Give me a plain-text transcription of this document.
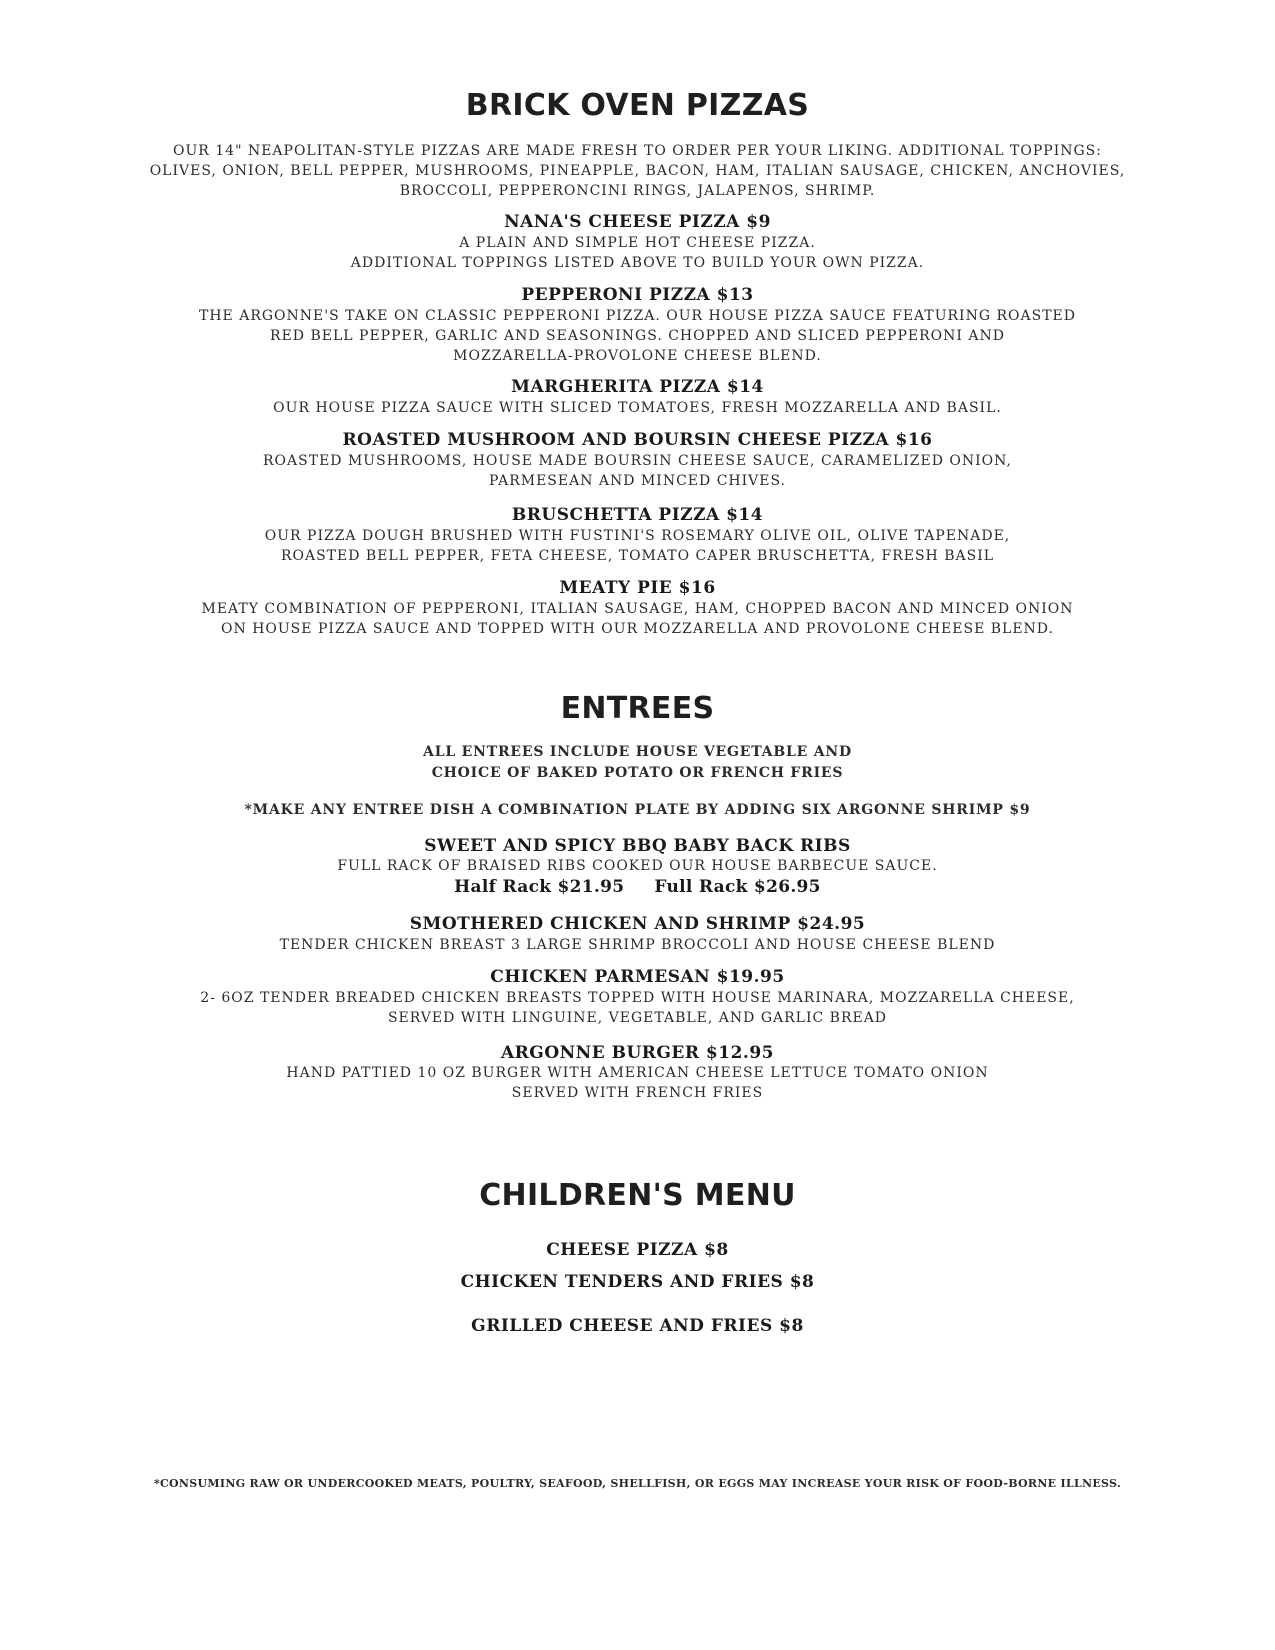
BRICK OVEN PIZZAS
OUR 14" NEAPOLITAN-STYLE PIZZAS ARE MADE FRESH TO ORDER PER YOUR LIKING. ADDITIONAL TOPPINGS:
OLIVES, ONION, BELL PEPPER, MUSHROOMS, PINEAPPLE, BACON, HAM, ITALIAN SAUSAGE, CHICKEN, ANCHOVIES,
BROCCOLI, PEPPERONCINI RINGS, JALAPENOS, SHRIMP.
NANA'S CHEESE PIZZA $9
A PLAIN AND SIMPLE HOT CHEESE PIZZA.
ADDITIONAL TOPPINGS LISTED ABOVE TO BUILD YOUR OWN PIZZA.
PEPPERONI PIZZA $13
THE ARGONNE'S TAKE ON CLASSIC PEPPERONI PIZZA. OUR HOUSE PIZZA SAUCE FEATURING ROASTED
RED BELL PEPPER, GARLIC AND SEASONINGS. CHOPPED AND SLICED PEPPERONI AND
MOZZARELLA-PROVOLONE CHEESE BLEND.
MARGHERITA PIZZA $14
OUR HOUSE PIZZA SAUCE WITH SLICED TOMATOES, FRESH MOZZARELLA AND BASIL.
ROASTED MUSHROOM AND BOURSIN CHEESE PIZZA $16
ROASTED MUSHROOMS, HOUSE MADE BOURSIN CHEESE SAUCE, CARAMELIZED ONION,
PARMESEAN AND MINCED CHIVES.
BRUSCHETTA PIZZA $14
OUR PIZZA DOUGH BRUSHED WITH FUSTINI'S ROSEMARY OLIVE OIL, OLIVE TAPENADE,
ROASTED BELL PEPPER, FETA CHEESE, TOMATO CAPER BRUSCHETTA, FRESH BASIL
MEATY PIE $16
MEATY COMBINATION OF PEPPERONI, ITALIAN SAUSAGE, HAM, CHOPPED BACON AND MINCED ONION
ON HOUSE PIZZA SAUCE AND TOPPED WITH OUR MOZZARELLA AND PROVOLONE CHEESE BLEND.
ENTREES
ALL ENTREES INCLUDE HOUSE VEGETABLE AND
CHOICE OF BAKED POTATO OR FRENCH FRIES
*MAKE ANY ENTREE DISH A COMBINATION PLATE BY ADDING SIX ARGONNE SHRIMP $9
SWEET AND SPICY BBQ BABY BACK RIBS
FULL RACK OF BRAISED RIBS COOKED OUR HOUSE BARBECUE SAUCE.
Half Rack $21.95 Full Rack $26.95
SMOTHERED CHICKEN AND SHRIMP $24.95
TENDER CHICKEN BREAST 3 LARGE SHRIMP BROCCOLI AND HOUSE CHEESE BLEND
CHICKEN PARMESAN $19.95
2- 6OZ TENDER BREADED CHICKEN BREASTS TOPPED WITH HOUSE MARINARA, MOZZARELLA CHEESE,
SERVED WITH LINGUINE, VEGETABLE, AND GARLIC BREAD
ARGONNE BURGER $12.95
HAND PATTIED 10 OZ BURGER WITH AMERICAN CHEESE LETTUCE TOMATO ONION
SERVED WITH FRENCH FRIES
CHILDREN'S MENU
CHEESE PIZZA $8
CHICKEN TENDERS AND FRIES $8
GRILLED CHEESE AND FRIES $8
*CONSUMING RAW OR UNDERCOOKED MEATS, POULTRY, SEAFOOD, SHELLFISH, OR EGGS MAY INCREASE YOUR RISK OF FOOD-BORNE ILLNESS.
